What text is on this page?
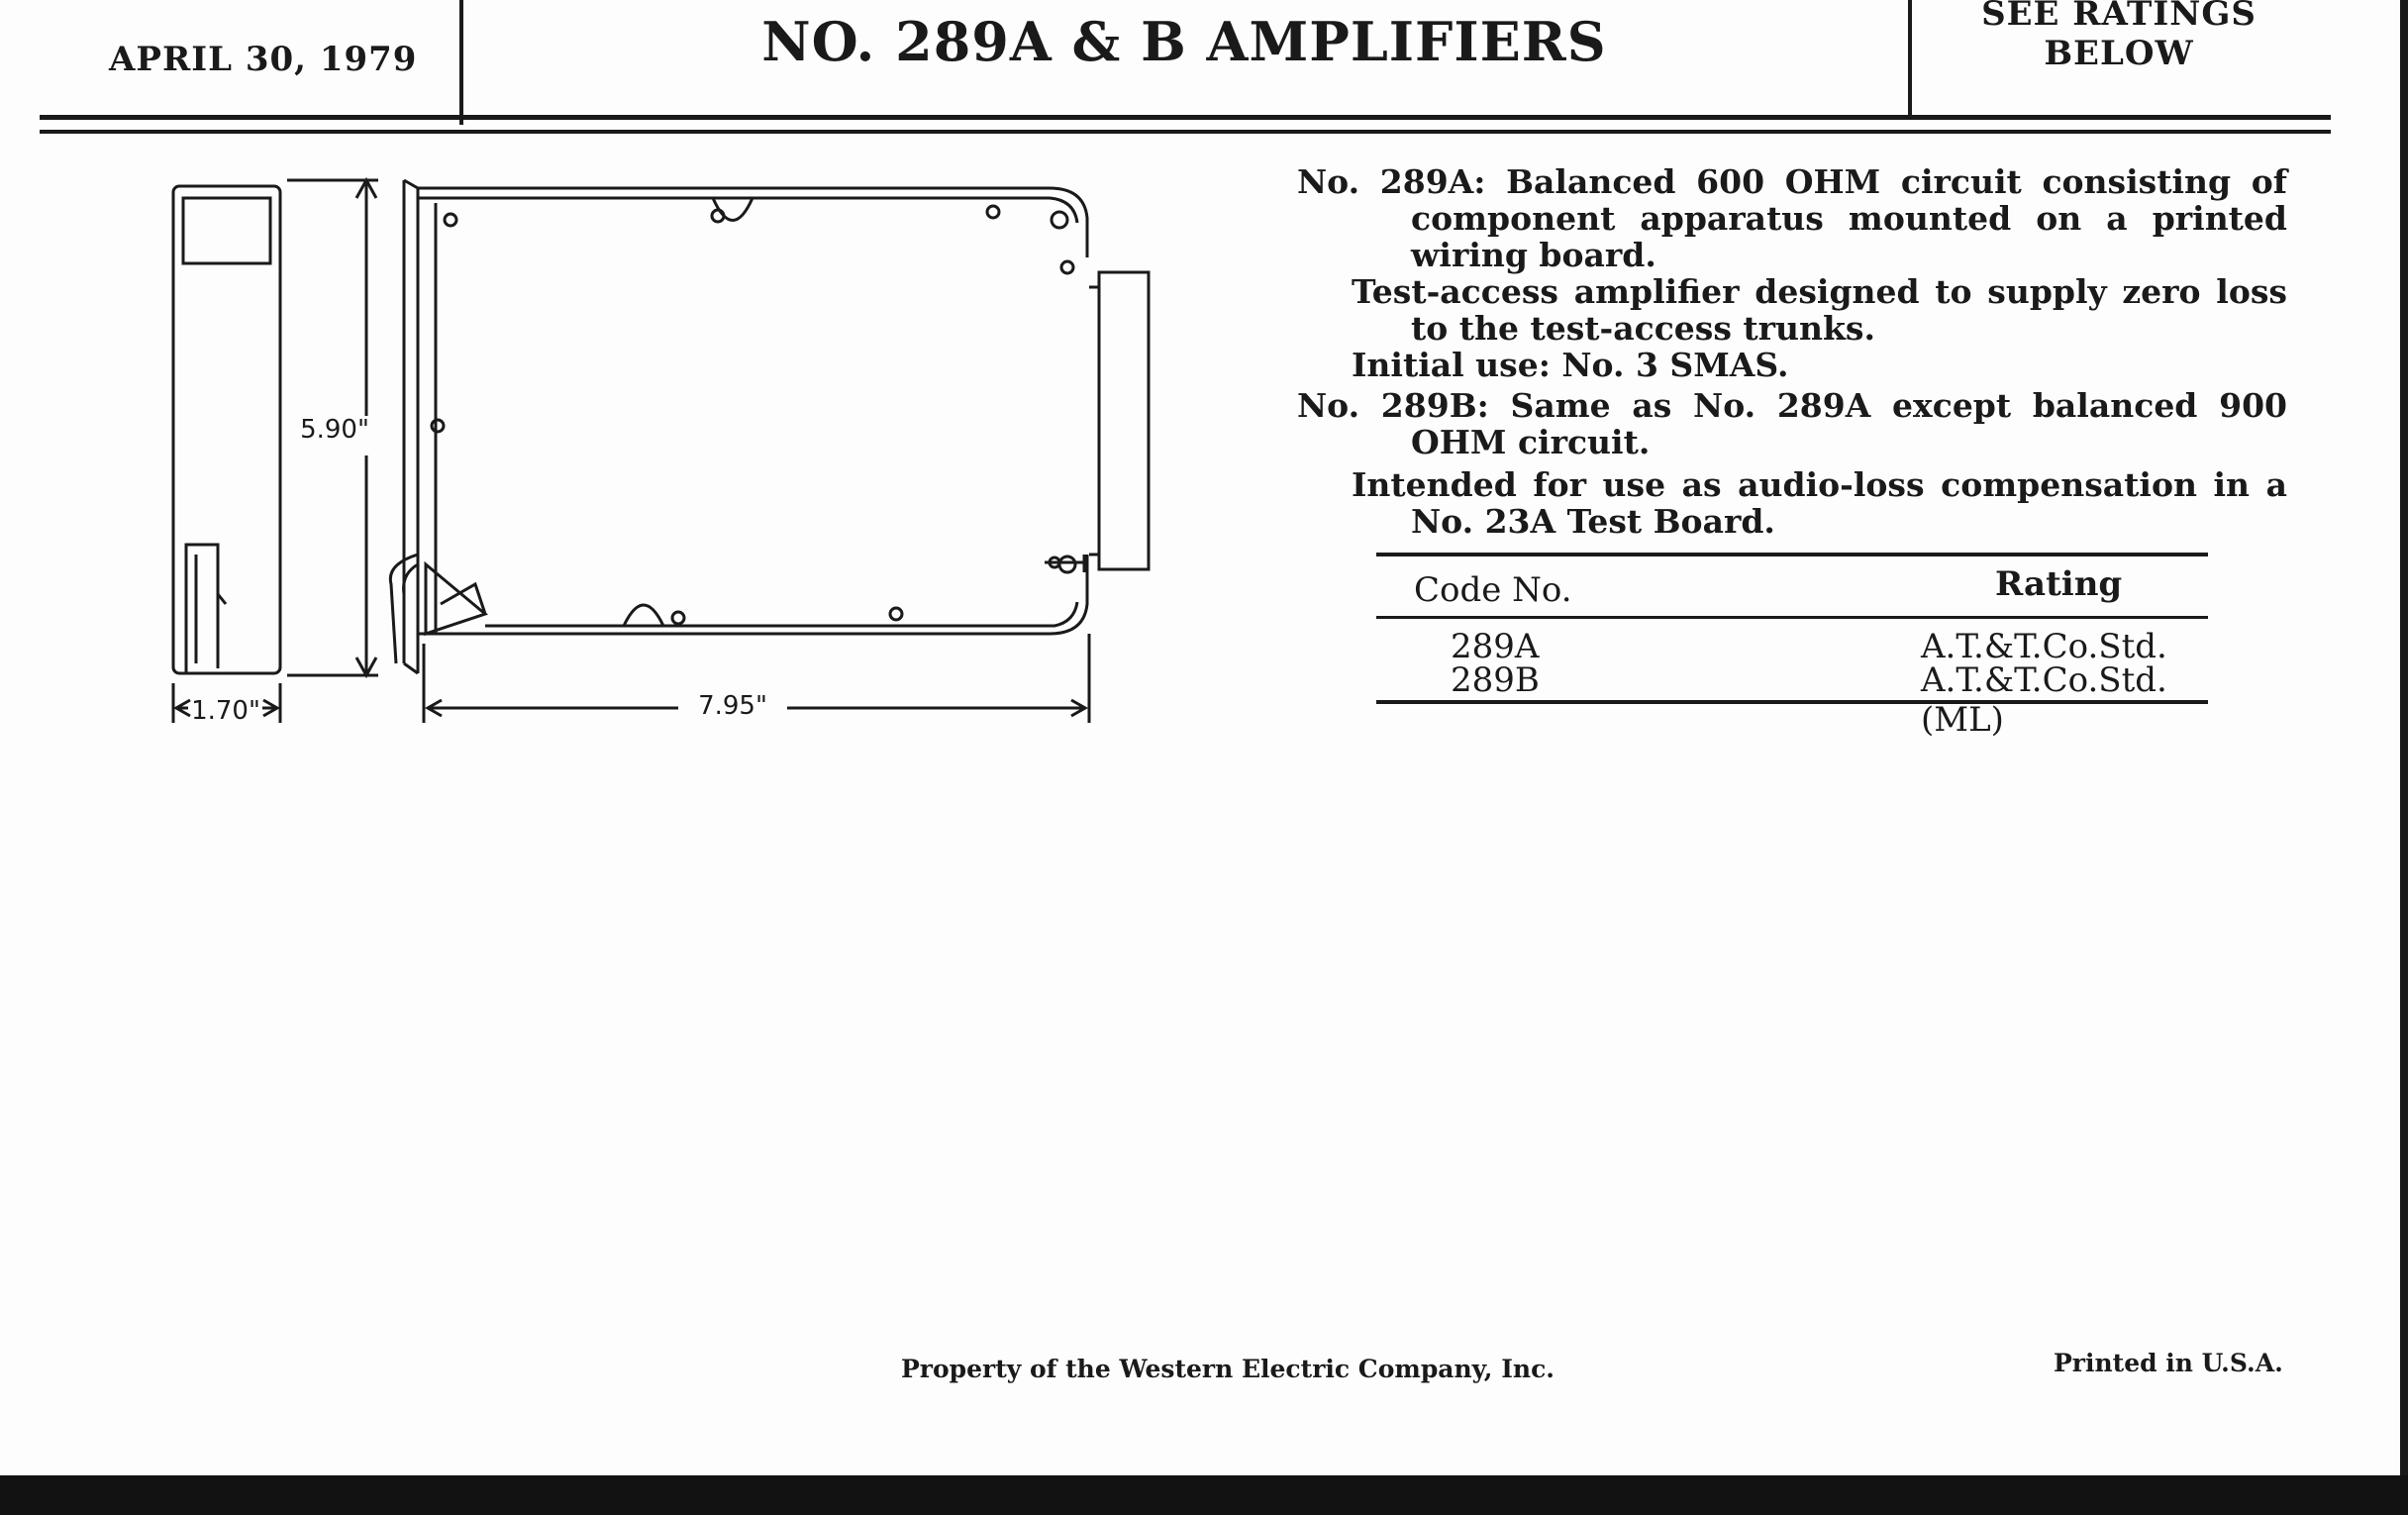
APRIL 30, 1979	NO. 289A & B AMPLIFIERS	SEE RATINGS
BELOW
5.90"
1.70"	7.95"
No. 289A: Balanced 600 OHM circuit consisting of component apparatus mounted on a printed wiring board.
Test-access amplifier designed to supply zero loss to the test-access trunks.
Initial use: No. 3 SMAS.
No. 289B: Same as No. 289A except balanced 900 OHM circuit.
Intended for use as audio-loss compensation in a No. 23A Test Board.
Code No.	Rating
289A	A.T.&T.Co.Std.
289B	A.T.&T.Co.Std.(ML)
Property of the Western Electric Company, Inc.	Printed in U.S.A.
